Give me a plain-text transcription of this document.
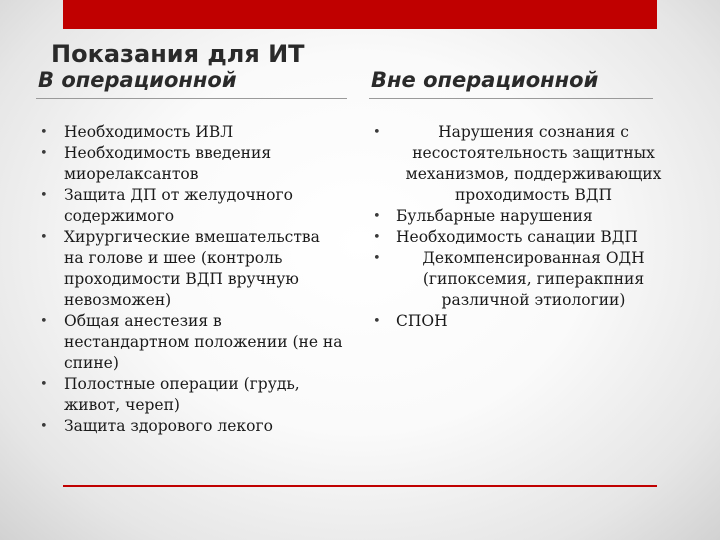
Показания для ИТ
В операционной	Вне операционной
• Необходимость ИВЛ
• Необходимость введения миорелаксантов
• Защита ДП от желудочного содержимого
• Хирургические вмешательства на голове и шее (контроль проходимости ВДП вручную невозможен)
• Общая анестезия в нестандартном положении (не на спине)
• Полостные операции (грудь, живот, череп)
• Защита здорового лекого
•	Нарушения сознания с несостоятельность защитных механизмов, поддерживающих проходимость ВДП
• Бульбарные нарушения
• Необходимость санации ВДП
•	Декомпенсированная ОДН (гипоксемия, гиперакпния различной этиологии)
• СПОН
